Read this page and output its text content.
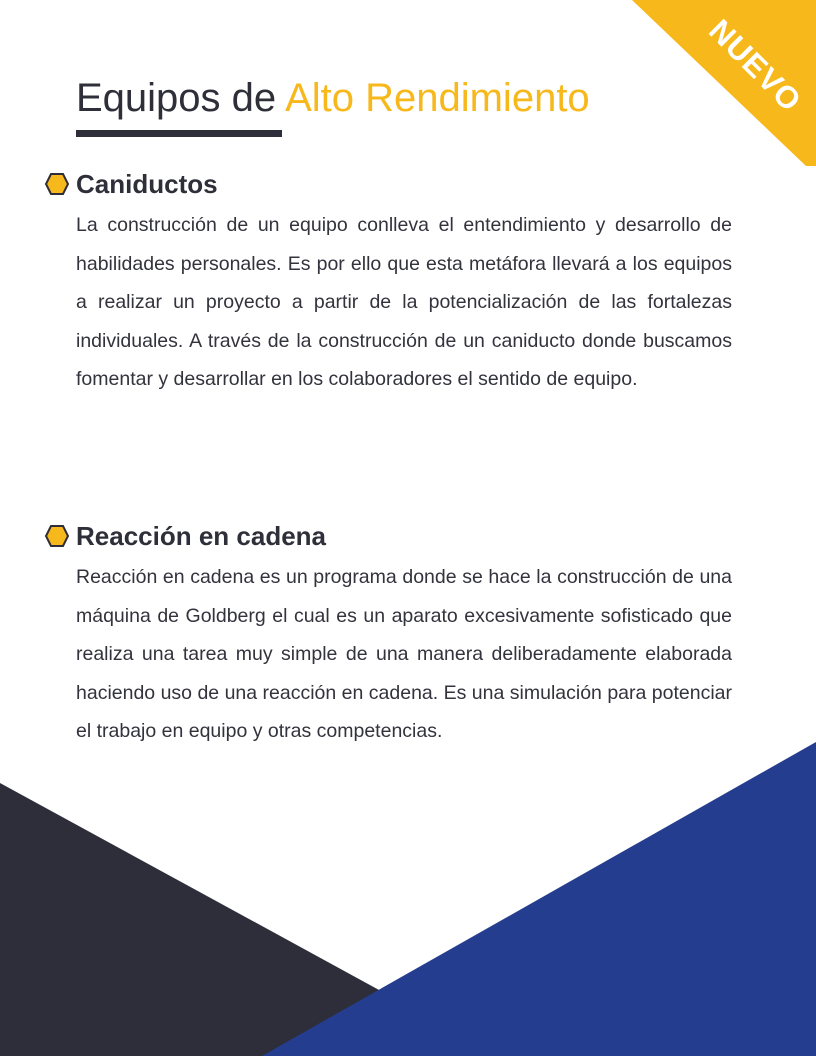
NUEVO
Equipos de Alto Rendimiento
Caniductos

La construcción de un equipo conlleva el entendimiento y desarrollo de habilidades personales. Es por ello que esta metáfora llevará a los equipos a realizar un proyecto a partir de la potencialización de las fortalezas individuales. A través de la construcción de un caniducto donde buscamos fomentar y desarrollar en los colaboradores el sentido de equipo.

Reacción en cadena

Reacción en cadena es un programa donde se hace la construcción de una máquina de Goldberg el cual es un aparato excesivamente sofisticado que realiza una tarea muy simple de una manera deliberadamente elaborada haciendo uso de una reacción en cadena. Es una simulación para potenciar el trabajo en equipo y otras competencias.
